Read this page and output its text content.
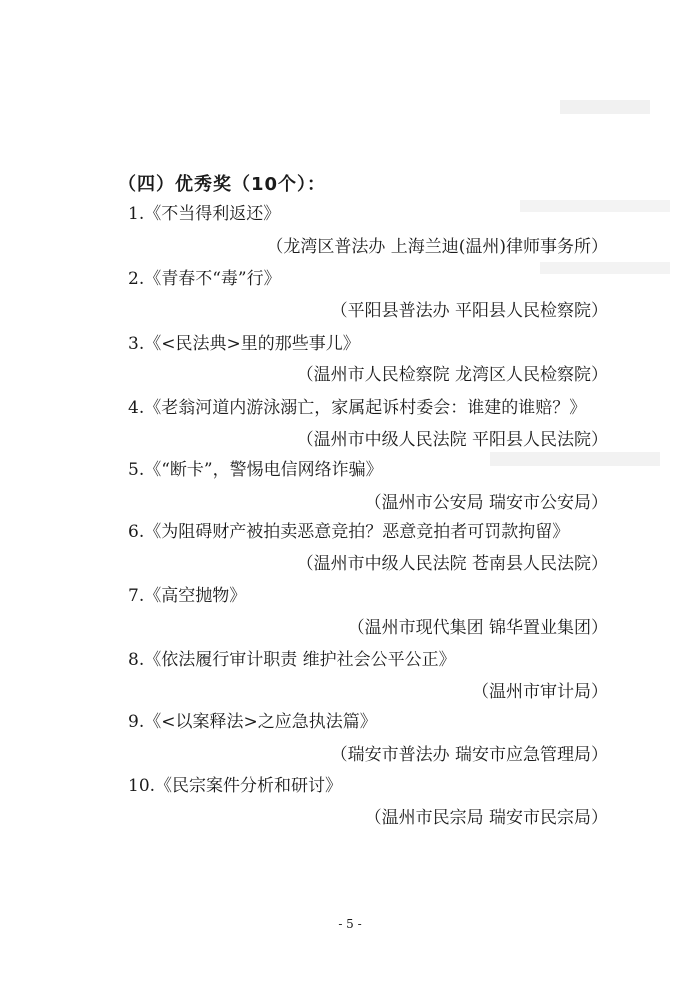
（四）优秀奖（10个）：
1.《不当得利返还》
（龙湾区普法办 上海兰迪(温州)律师事务所）
2.《青春不“毒”行》
（平阳县普法办 平阳县人民检察院）
3.《<民法典>里的那些事儿》
（温州市人民检察院 龙湾区人民检察院）
4.《老翁河道内游泳溺亡，家属起诉村委会：谁建的谁赔？》
（温州市中级人民法院 平阳县人民法院）
5.《“断卡”，警惕电信网络诈骗》
（温州市公安局 瑞安市公安局）
6.《为阻碍财产被拍卖恶意竞拍？恶意竞拍者可罚款拘留》
（温州市中级人民法院 苍南县人民法院）
7.《高空抛物》
（温州市现代集团 锦华置业集团）
8.《依法履行审计职责 维护社会公平公正》
（温州市审计局）
9.《<以案释法>之应急执法篇》
（瑞安市普法办 瑞安市应急管理局）
10.《民宗案件分析和研讨》
（温州市民宗局 瑞安市民宗局）
- 5 -
